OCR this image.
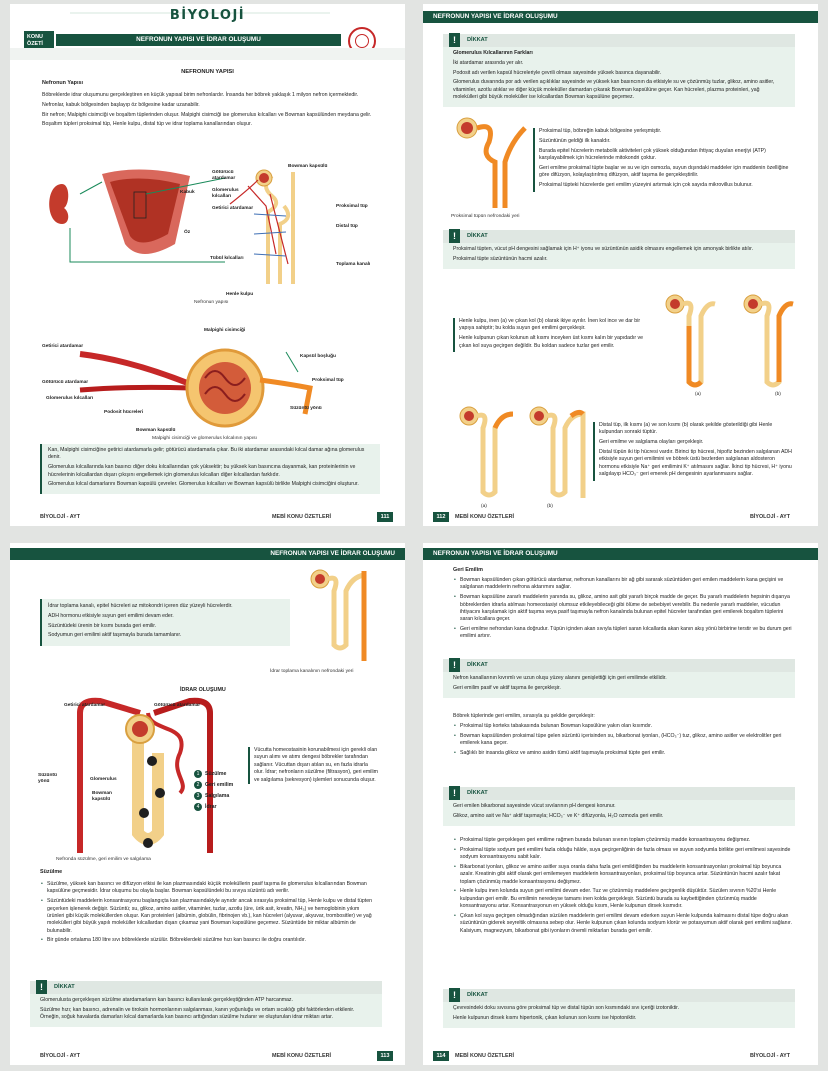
BİYOLOJİ
KONU
ÖZETİ
NEFRONUN YAPISI VE İDRAR OLUŞUMU
NEFRONUN YAPISI
Nefronun Yapısı
Böbreklerde idrar oluşumunu gerçekleştiren en küçük yapısal birim nefronlardır. İnsanda her böbrek yaklaşık 1 milyon nefron içermektedir.
Nefronlar, kabuk bölgesinden başlayıp öz bölgesine kadar uzanabilir.
Bir nefron; Malpighi cisimciği ve boşaltım tüplerinden oluşur. Malpighi cisimciği ise glomerulus kılcalları ve Bowman kapsülünden meydana gelir.
Boşaltım tüpleri proksimal tüp, Henle kulpu, distal tüp ve idrar toplama kanallarından oluşur.
Bowman kapsülü
Götürücü atardamar
Glomerulus kılcalları
Getirici atardamar
Kabuk
Öz
Proksimal tüp
Distal tüp
Tübül kılcalları
Toplama kanalı
Henle kulpu
Nefronun yapısı
Malpighi cisimciği
Getirici atardamar
Kapsül boşluğu
Götürücü atardamar	Proksimal tüp
Glomerulus kılcalları
Süzüntü yönü
Podosit hücreleri
Bowman kapsülü
Malpighi cisimciği ve glomerulus kılcalının yapısı
Kan, Malpighi cisimciğine getirici atardamarla gelir; götürücü atardamarla çıkar. Bu iki atardamar arasındaki kılcal damar ağına glomerulus denir.
Glomerulus kılcallarında kan basıncı diğer doku kılcallarından çok yüksektir; bu yüksek kan basıncına dayanmak, kan proteinlerinin ve hücrelerinin kılcallardan dışarı çıkışını engellemek için glomerulus kılcalları diğer kılcallardan farklıdır.
Glomerulus kılcal damarlarını Bowman kapsülü çevreler. Glomerulus kılcalları ve Bowman kapsülü birlikte Malpighi cisimciğini oluşturur.
BİYOLOJİ - AYT	MEBİ KONU ÖZETLERİ	111
NEFRONUN YAPISI VE İDRAR OLUŞUMU
!	DİKKAT
Glomerulus Kılcallarının Farkları
İki atardamar arasında yer alır.
Podosit adı verilen kapsül hücreleriyle çevrili olması sayesinde yüksek basınca dayanabilir.
Glomerulus duvarında por adı verilen açıklıklar sayesinde ve yüksek kan basıncının da etkisiyle su ve çözünmüş tuzlar, glikoz, amino asitler, vitaminler, azotlu atıklar ve diğer küçük moleküller damardan çıkarak Bowman kapsülüne geçer. Kan hücreleri, plazma proteinleri, yağ molekülleri gibi büyük moleküller ise kılcallardan Bowman kapsülüne geçemez.
Proksimal tüp, böbreğin kabuk bölgesine yerleşmiştir.
Süzüntünün geldiği ilk kanaldır.
Burada epitel hücrelerin metabolik aktiviteleri çok yüksek olduğundan ihtiyaç duyulan enerjiyi (ATP) karşılayabilmek için hücrelerinde mitokondri çoktur.
Geri emilme proksimal tüpte başlar ve su ve için osmozla, suyun dışındaki maddeler için maddenin özelliğine göre difüzyon, kolaylaştırılmış difüzyon, aktif taşıma ile gerçekleştirilir.
Proksimal tüpteki hücrelerde geri emilim yüzeyini artırmak için çok sayıda mikrovillus bulunur.
Proksimal tüpün nefrondaki yeri
!	DİKKAT
Proksimal tüpten, vücut pH dengesini sağlamak için H⁺ iyonu ve süzüntünün asidik olmasını engellemek için amonyak birlikte atılır.
Proksimal tüpte süzüntünün hacmi azalır.
Henle kulpu, inen (a) ve çıkan kol (b) olarak ikiye ayrılır. İnen kol ince ve dar bir yapıya sahiptir; bu kolda suyun geri emilimi gerçekleşir.
Henle kulpunun çıkan kolunun alt kısmı inceyken üst kısmı kalın bir yapıdadır ve çıkan kol suya geçirgen değildir. Bu koldan sadece tuzlar geri emilir.
(a)	(b)
(a)	(b)
Distal tüp, ilk kısmı (a) ve son kısmı (b) olarak şekilde gösterildiği gibi Henle kulpundan sonraki tüptür.
Geri emilme ve salgılama olayları gerçekleşir.
Distal tüpün iki tip hücresi vardır. Birinci tip hücresi, hipofiz bezinden salgılanan ADH etkisiyle suyun geri emilimini ve böbrek üstü bezlerden salgılanan aldosteron hormonu etkisiyle Na⁺ geri emilimini K⁺ atılmasını sağlar. İkinci tip hücresi, H⁺ iyonu salgılayıp HCO₃⁻ geri emerek pH dengesinin ayarlanmasını sağlar.
112	MEBİ KONU ÖZETLERİ	BİYOLOJİ - AYT
NEFRONUN YAPISI VE İDRAR OLUŞUMU
İdrar toplama kanalı, epitel hücreleri az mitokondri içeren düz yüzeyli hücrelerdir.
ADH hormonu etkisiyle suyun geri emilimi devam eder.
Süzüntüdeki ürenin bir kısmı burada geri emilir.
Sodyumun geri emilimi aktif taşımayla burada tamamlanır.
İdrar toplama kanalının nefrondaki yeri
İDRAR OLUŞUMU
Getirici atardamar	Götürücü atardamar
Süzüntü yönü	Glomerulus
Bowman kapsülü
1 Süzülme
2 Geri emilim
3 Salgılama
4 İdrar
Vücutta homeostasinin korunabilmesi için gerekli olan suyun alımı ve atımı dengesi böbrekler tarafından sağlanır. Vücuttan dışarı atılan su, en fazla idrarla olur. İdrar; nefronların süzülme (filtrasyon), geri emilim ve salgılama (sekresyon) işlemleri sonucunda oluşur.
Nefronda süzülme, geri emilim ve salgılama
Süzülme
• Süzülme, yüksek kan basıncı ve difüzyon etkisi ile kan plazmasındaki küçük moleküllerin pasif taşıma ile glomerulus kılcallarından Bowman kapsülüne geçmesidir. İdrar oluşumu bu olayla başlar. Bowman kapsülündeki bu sıvıya süzüntü adı verilir.
• Süzüntüdeki maddelerin konsantrasyonu başlangıçta kan plazmasındakiyle aynıdır ancak sırasıyla proksimal tüp, Henle kulpu ve distal tüpten geçerken işlenerek değişir. Süzüntü; su, glikoz, amino asitler, vitaminler, tuzlar, azotlu (üre, ürik asit, kreatin, NH₃) ve hemoglobinin yıkım ürünleri gibi küçük moleküllerden oluşur. Kan proteinleri (albümin, globülin, fibrinojen vb.), kan hücreleri (alyuvar, akyuvar, trombositler) ve yağ molekülleri gibi büyük yapılı moleküller kılcallardan dışarı çıkamaz yani Bowman kapsülüne geçemez. Süzüntüde bir miktar albümin de bulunabilir.
• Bir günde ortalama 180 litre sıvı böbreklerde süzülür. Böbreklerdeki süzülme hızı kan basıncı ile doğru orantılıdır.
!	DİKKAT
Glomerulusta gerçekleşen süzülme atardamarların kan basıncı kullanılarak gerçekleştiğinden ATP harcanmaz.
Süzülme hızı; kan basıncı, adrenalin ve tiroksin hormonlarının salgılanması, kanın yoğunluğu ve ortam sıcaklığı gibi faktörlerden etkilenir. Örneğin, soğuk havalarda damarları kılcal damarlarda kan basıncı arttığından süzülme hızlanır ve oluşturulan idrar miktarı artar.
BİYOLOJİ - AYT	MEBİ KONU ÖZETLERİ	113
NEFRONUN YAPISI VE İDRAR OLUŞUMU
Geri Emilim
• Bowman kapsülünden çıkan götürücü atardamar, nefronun kanallarını bir ağ gibi sararak süzüntüden geri emilen maddelerin kana geçişini ve salgılanan maddelerin nefrona aktarımını sağlar.
• Bowman kapsülüne zararlı maddelerin yanında su, glikoz, amino asit gibi yararlı birçok madde de geçer. Bu yararlı maddelerin hepsinin dışarıya böbreklerden idrarla atılması homeostasiyi olumsuz etkileyebileceği gibi ölüme de sebebiyet verebilir. Bu nedenle yararlı maddeler, vücudun ihtiyacını karşılamak için aktif taşıma veya pasif taşımayla nefron kanalında bulunan epitel hücreler tarafından geri emilerek boşaltım tüplerini saran kılcallara geçer.
• Geri emilme nefrondan kana doğrudur. Tüpün içinden akan sıvıyla tüpleri saran kılcallarda akan kanın akış yönü birbirine terstir ve bu durum geri emilimi artırır.
!	DİKKAT
Nefron kanallarının kıvrımlı ve uzun oluşu yüzey alanını genişlettiği için geri emilimde etkilidir.
Geri emilim pasif ve aktif taşıma ile gerçekleşir.
Böbrek tüplerinde geri emilim, sırasıyla şu şekilde gerçekleşir:
• Proksimal tüp korteks tabakasında bulunan Bowman kapsülüne yakın olan kısımdır.
• Bowman kapsülünden proksimal tüpe gelen süzüntü içerisinden su, bikarbonat iyonları, (HCO₃⁻) tuz, glikoz, amino asitler ve elektrolitler geri emilerek kana geçer.
• Sağlıklı bir insanda glikoz ve amino asidin tümü aktif taşımayla proksimal tüpte geri emilir.
!	DİKKAT
Geri emilen bikarbonat sayesinde vücut sıvılarının pH dengesi korunur.
Glikoz, amino asit ve Na⁺ aktif taşımayla; HCO₃⁻ ve K⁺ difüzyonla, H₂O ozmozla geri emilir.
• Proksimal tüpte gerçekleşen geri emilime rağmen burada bulunan sıvının toplam çözünmüş madde konsantrasyonu değişmez.
• Proksimal tüpte sodyum geri emilimi fazla olduğu hâlde, suya geçirgenliğinin de fazla olması ve suyun sodyumla birlikte geri emilmesi sayesinde sodyum konsantrasyonu sabit kalır.
• Bikarbonat iyonları, glikoz ve amino asitler suya oranla daha fazla geri emildiğinden bu maddelerin konsantrasyonları proksimal tüp boyunca azalır. Kreatinin gibi aktif olarak geri emilemeyen maddelerin konsantrasyonları, proksimal tüp boyunca artar. Süzüntünün hacmi azalır fakat toplam çözünmüş madde konsantrasyonu değişmez.
• Henle kulpu inen kolunda suyun geri emilimi devam eder. Tuz ve çözünmüş maddelere geçirgenlik düşüktür. Süzülen sıvının %20'si Henle kulpundan geri emilir. Bu emilimin neredeyse tamamı inen kolda gerçekleşir. Süzüntü burada su kaybettiğinden çözünmüş madde konsantrasyonu artar. Konsantrasyonun en yüksek olduğu kısım, Henle kulpunun dirsek kısmıdır.
• Çıkan kol suya geçirgen olmadığından süzülen maddelerin geri emilimi devam ederken suyun Henle kulpunda kalmasını distal tüpe doğru akan süzüntünün giderek seyreltik olmasına sebep olur. Henle kulpunun çıkan kolunda sodyum klorür ve potasyumun aktif olarak geri emilimi sağlanır. Kalsiyum, magnezyum, bikarbonat gibi iyonların önemli miktarları burada geri emilir.
!	DİKKAT
Çevresindeki doku sıvısına göre proksimal tüp ve distal tüpün son kısmındaki sıvı içeriği izotoniktir.
Henle kulpunun dirsek kısmı hipertonik, çıkan kolunun son kısmı ise hipotoniktir.
114	MEBİ KONU ÖZETLERİ	BİYOLOJİ - AYT
